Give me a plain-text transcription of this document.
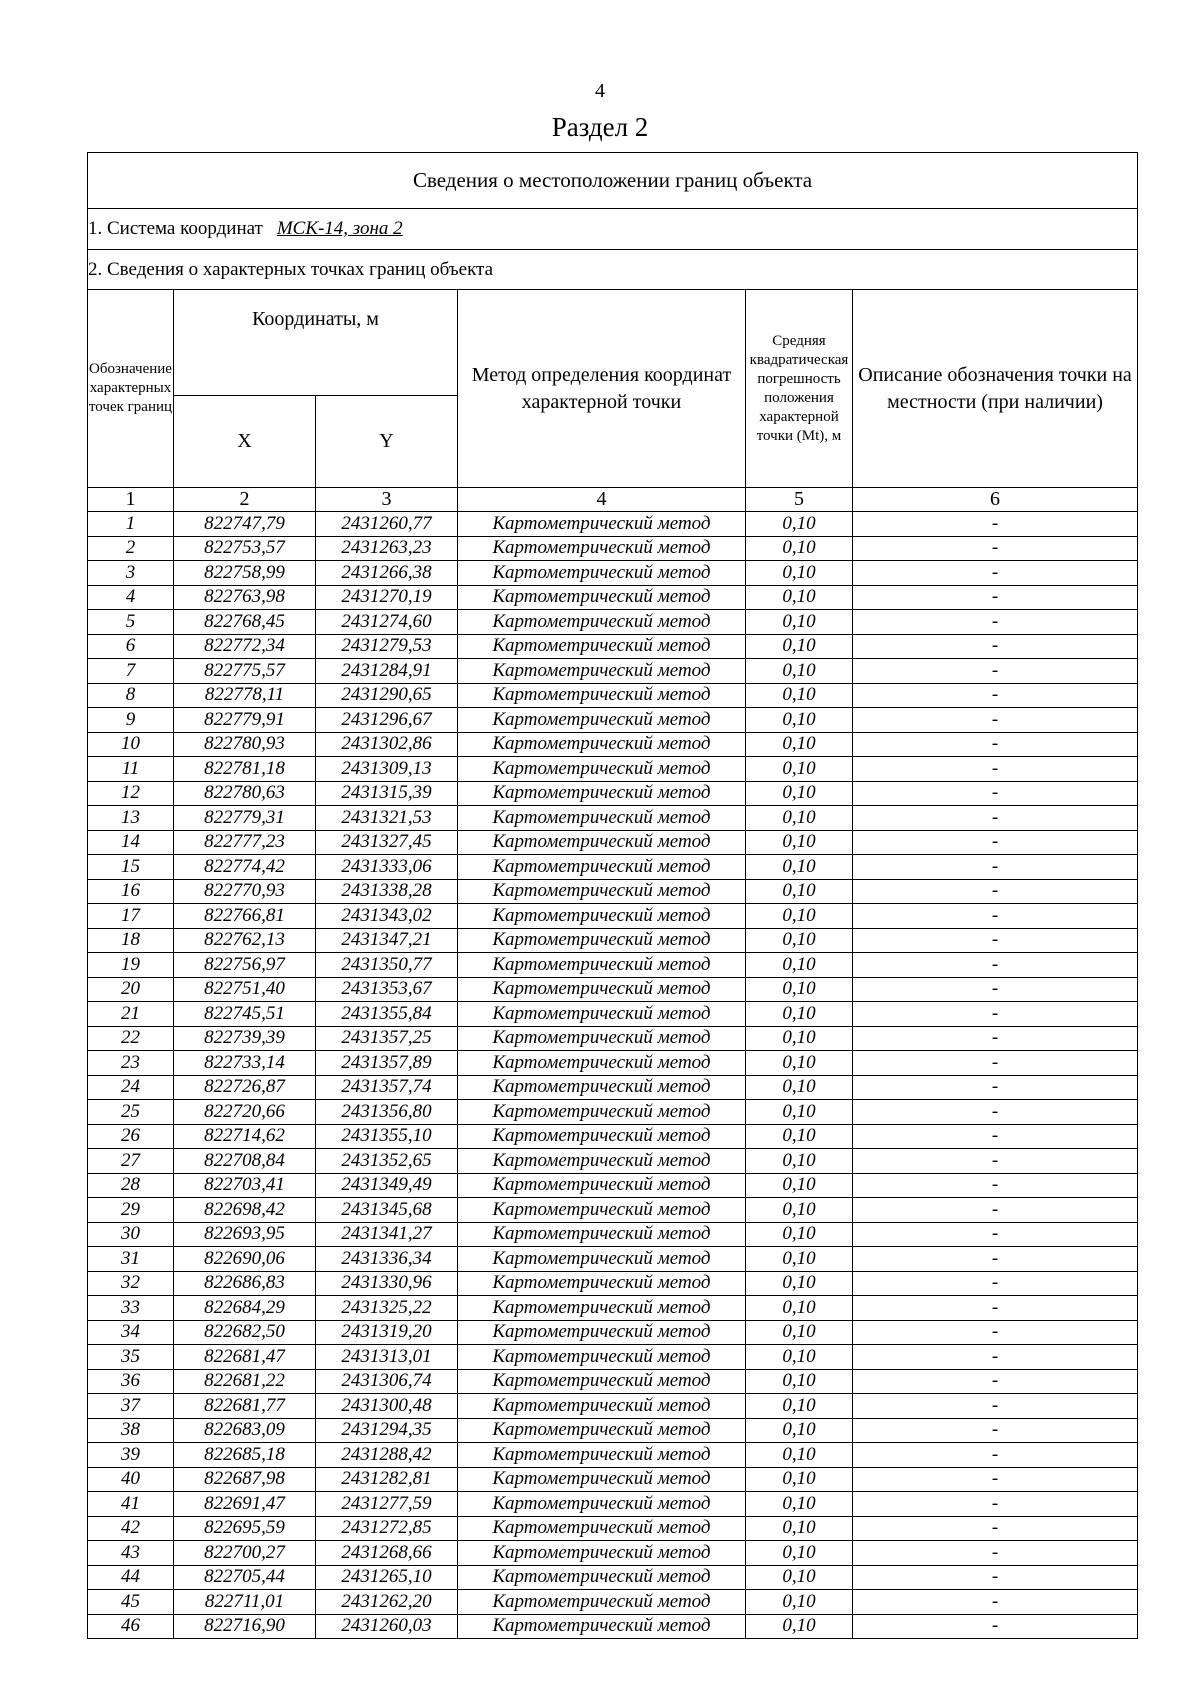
4
Раздел 2
Сведения о местоположении границ объекта					
1. Система координат МСК-14, зона 2					
2. Сведения о характерных точках границ объекта					
Обозначение характерных точек границ	Координаты, м		Метод определения координат характерной точки	Средняя квадратическая погрешность положения характерной точки (Mt), м	Описание обозначения точки на местности (при наличии)
	X	Y			
1	2	3	4	5	6
1	822747,79	2431260,77	Картометрический метод	0,10	-
2	822753,57	2431263,23	Картометрический метод	0,10	-
3	822758,99	2431266,38	Картометрический метод	0,10	-
4	822763,98	2431270,19	Картометрический метод	0,10	-
5	822768,45	2431274,60	Картометрический метод	0,10	-
6	822772,34	2431279,53	Картометрический метод	0,10	-
7	822775,57	2431284,91	Картометрический метод	0,10	-
8	822778,11	2431290,65	Картометрический метод	0,10	-
9	822779,91	2431296,67	Картометрический метод	0,10	-
10	822780,93	2431302,86	Картометрический метод	0,10	-
11	822781,18	2431309,13	Картометрический метод	0,10	-
12	822780,63	2431315,39	Картометрический метод	0,10	-
13	822779,31	2431321,53	Картометрический метод	0,10	-
14	822777,23	2431327,45	Картометрический метод	0,10	-
15	822774,42	2431333,06	Картометрический метод	0,10	-
16	822770,93	2431338,28	Картометрический метод	0,10	-
17	822766,81	2431343,02	Картометрический метод	0,10	-
18	822762,13	2431347,21	Картометрический метод	0,10	-
19	822756,97	2431350,77	Картометрический метод	0,10	-
20	822751,40	2431353,67	Картометрический метод	0,10	-
21	822745,51	2431355,84	Картометрический метод	0,10	-
22	822739,39	2431357,25	Картометрический метод	0,10	-
23	822733,14	2431357,89	Картометрический метод	0,10	-
24	822726,87	2431357,74	Картометрический метод	0,10	-
25	822720,66	2431356,80	Картометрический метод	0,10	-
26	822714,62	2431355,10	Картометрический метод	0,10	-
27	822708,84	2431352,65	Картометрический метод	0,10	-
28	822703,41	2431349,49	Картометрический метод	0,10	-
29	822698,42	2431345,68	Картометрический метод	0,10	-
30	822693,95	2431341,27	Картометрический метод	0,10	-
31	822690,06	2431336,34	Картометрический метод	0,10	-
32	822686,83	2431330,96	Картометрический метод	0,10	-
33	822684,29	2431325,22	Картометрический метод	0,10	-
34	822682,50	2431319,20	Картометрический метод	0,10	-
35	822681,47	2431313,01	Картометрический метод	0,10	-
36	822681,22	2431306,74	Картометрический метод	0,10	-
37	822681,77	2431300,48	Картометрический метод	0,10	-
38	822683,09	2431294,35	Картометрический метод	0,10	-
39	822685,18	2431288,42	Картометрический метод	0,10	-
40	822687,98	2431282,81	Картометрический метод	0,10	-
41	822691,47	2431277,59	Картометрический метод	0,10	-
42	822695,59	2431272,85	Картометрический метод	0,10	-
43	822700,27	2431268,66	Картометрический метод	0,10	-
44	822705,44	2431265,10	Картометрический метод	0,10	-
45	822711,01	2431262,20	Картометрический метод	0,10	-
46	822716,90	2431260,03	Картометрический метод	0,10	-
